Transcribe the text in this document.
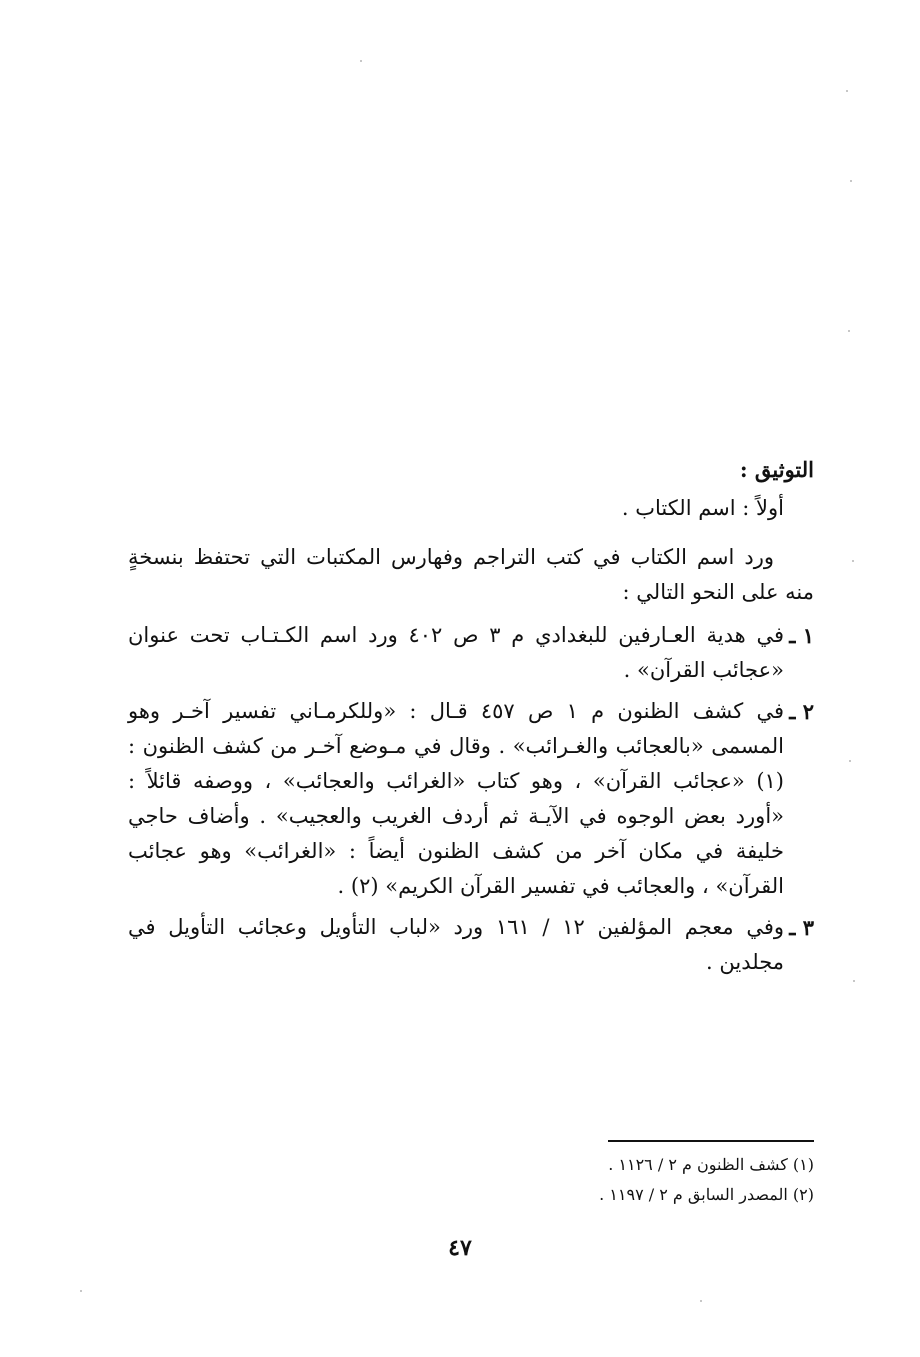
التوثيق :
أولاً : اسم الكتاب .
ورد اسم الكتاب في كتب التراجم وفهارس المكتبات التي تحتفظ بنسخةٍ منه على النحو التالي :
١ ـ
في هدية العـارفين للبغدادي م ٣ ص ٤٠٢ ورد اسم الكـتـاب تحت عنوان «عجائب القرآن» .
٢ ـ
في كشف الظنون م ١ ص ٤٥٧ قـال : «وللكرمـاني تفسير آخـر وهو المسمى «بالعجائب والغـرائب» . وقال في مـوضع آخـر من كشف الظنون : (١) «عجائب القرآن» ، وهو كتاب «الغرائب والعجائب» ، ووصفه قائلاً : «أورد بعض الوجوه في الآيـة ثم أردف الغريب والعجيب» . وأضاف حاجي خليفة في مكان آخر من كشف الظنون أيضاً : «الغرائب» وهو عجائب القرآن» ، والعجائب في تفسير القرآن الكريم» (٢) .
٣ ـ
وفي معجم المؤلفين ١٢ / ١٦١ ورد «لباب التأويل وعجائب التأويل في مجلدين .

(١) كشف الظنون م ٢ / ١١٢٦ .

(٢) المصدر السابق م ٢ / ١١٩٧ .

٤٧
